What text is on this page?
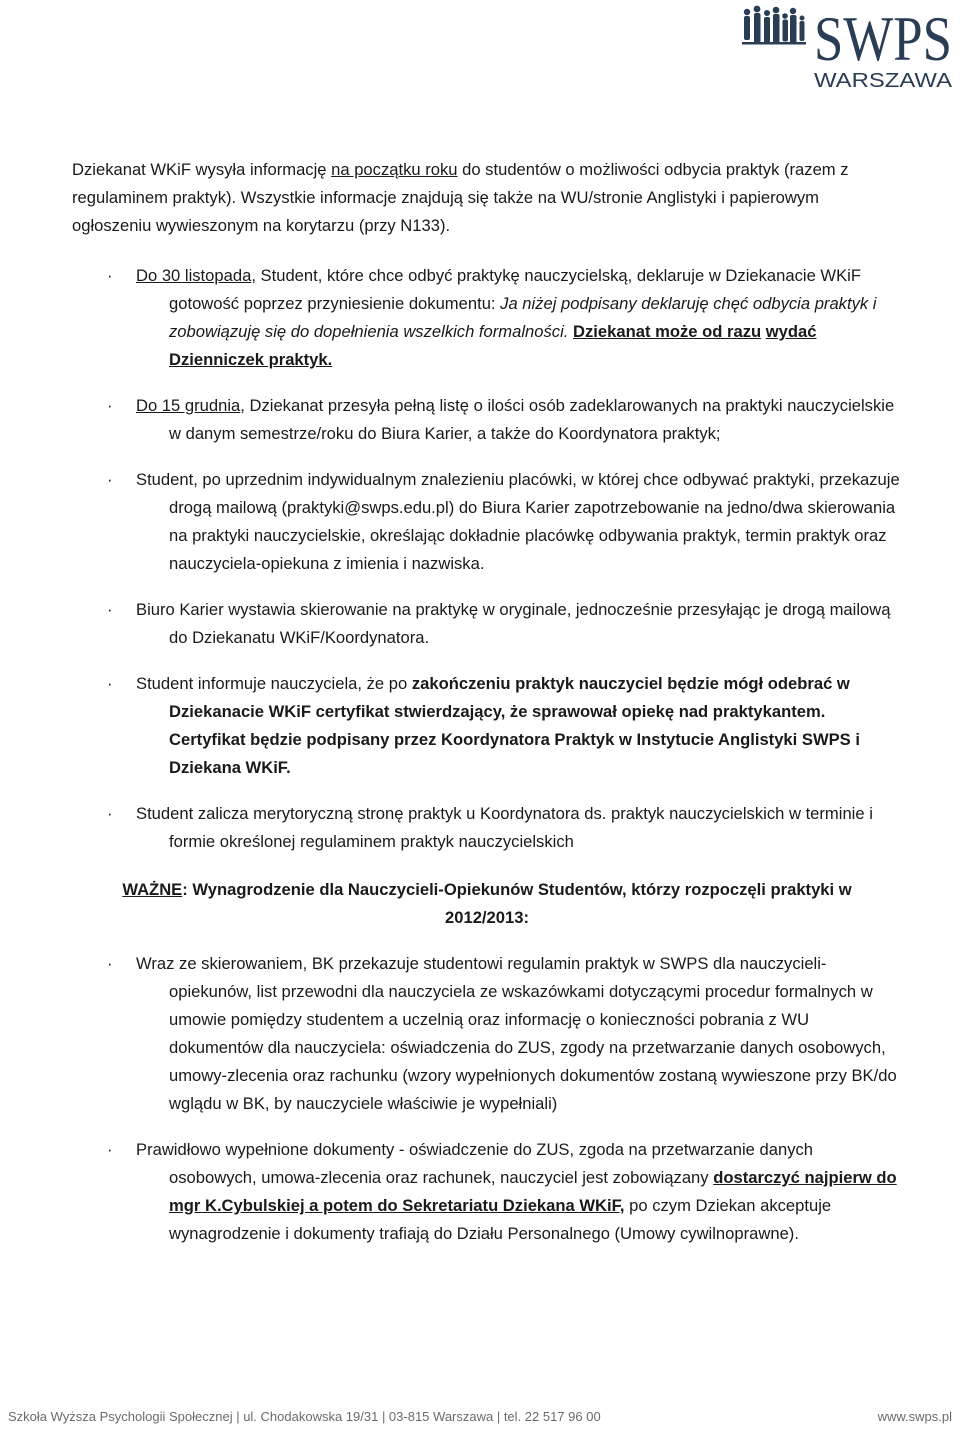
SWPS
WARSZAWA

Dziekanat WKiF wysyła informację na początku roku do studentów o możliwości odbycia praktyk (razem z regulaminem praktyk). Wszystkie informacje znajdują się także na WU/stronie Anglistyki i papierowym ogłoszeniu wywieszonym na korytarzu (przy N133).

· Do 30 listopada, Student, które chce odbyć praktykę nauczycielską, deklaruje w Dziekanacie WKiF gotowość poprzez przyniesienie dokumentu: Ja niżej podpisany deklaruję chęć odbycia praktyk i zobowiązuję się do dopełnienia wszelkich formalności. Dziekanat może od razu wydać Dzienniczek praktyk.

· Do 15 grudnia, Dziekanat przesyła pełną listę o ilości osób zadeklarowanych na praktyki nauczycielskie w danym semestrze/roku do Biura Karier, a także do Koordynatora praktyk;

· Student, po uprzednim indywidualnym znalezieniu placówki, w której chce odbywać praktyki, przekazuje drogą mailową (praktyki@swps.edu.pl) do Biura Karier zapotrzebowanie na jedno/dwa skierowania na praktyki nauczycielskie, określając dokładnie placówkę odbywania praktyk, termin praktyk oraz nauczyciela-opiekuna z imienia i nazwiska.

· Biuro Karier wystawia skierowanie na praktykę w oryginale, jednocześnie przesyłając je drogą mailową do Dziekanatu WKiF/Koordynatora.

· Student informuje nauczyciela, że po zakończeniu praktyk nauczyciel będzie mógł odebrać w Dziekanacie WKiF certyfikat stwierdzający, że sprawował opiekę nad praktykantem. Certyfikat będzie podpisany przez Koordynatora Praktyk w Instytucie Anglistyki SWPS i Dziekana WKiF.

· Student zalicza merytoryczną stronę praktyk u Koordynatora ds. praktyk nauczycielskich w terminie i formie określonej regulaminem praktyk nauczycielskich

WAŻNE: Wynagrodzenie dla Nauczycieli-Opiekunów Studentów, którzy rozpoczęli praktyki w 2012/2013:

· Wraz ze skierowaniem, BK przekazuje studentowi regulamin praktyk w SWPS dla nauczycieli-opiekunów, list przewodni dla nauczyciela ze wskazówkami dotyczącymi procedur formalnych w umowie pomiędzy studentem a uczelnią oraz informację o konieczności pobrania z WU dokumentów dla nauczyciela: oświadczenia do ZUS, zgody na przetwarzanie danych osobowych, umowy-zlecenia oraz rachunku (wzory wypełnionych dokumentów zostaną wywieszone przy BK/do wglądu w BK, by nauczyciele właściwie je wypełniali)

· Prawidłowo wypełnione dokumenty - oświadczenie do ZUS, zgoda na przetwarzanie danych osobowych, umowa-zlecenia oraz rachunek, nauczyciel jest zobowiązany dostarczyć najpierw do mgr K.Cybulskiej a potem do Sekretariatu Dziekana WKiF, po czym Dziekan akceptuje wynagrodzenie i dokumenty trafiają do Działu Personalnego (Umowy cywilnoprawne).

Szkoła Wyższa Psychologii Społecznej | ul. Chodakowska 19/31 | 03-815 Warszawa | tel. 22 517 96 00	www.swps.pl
